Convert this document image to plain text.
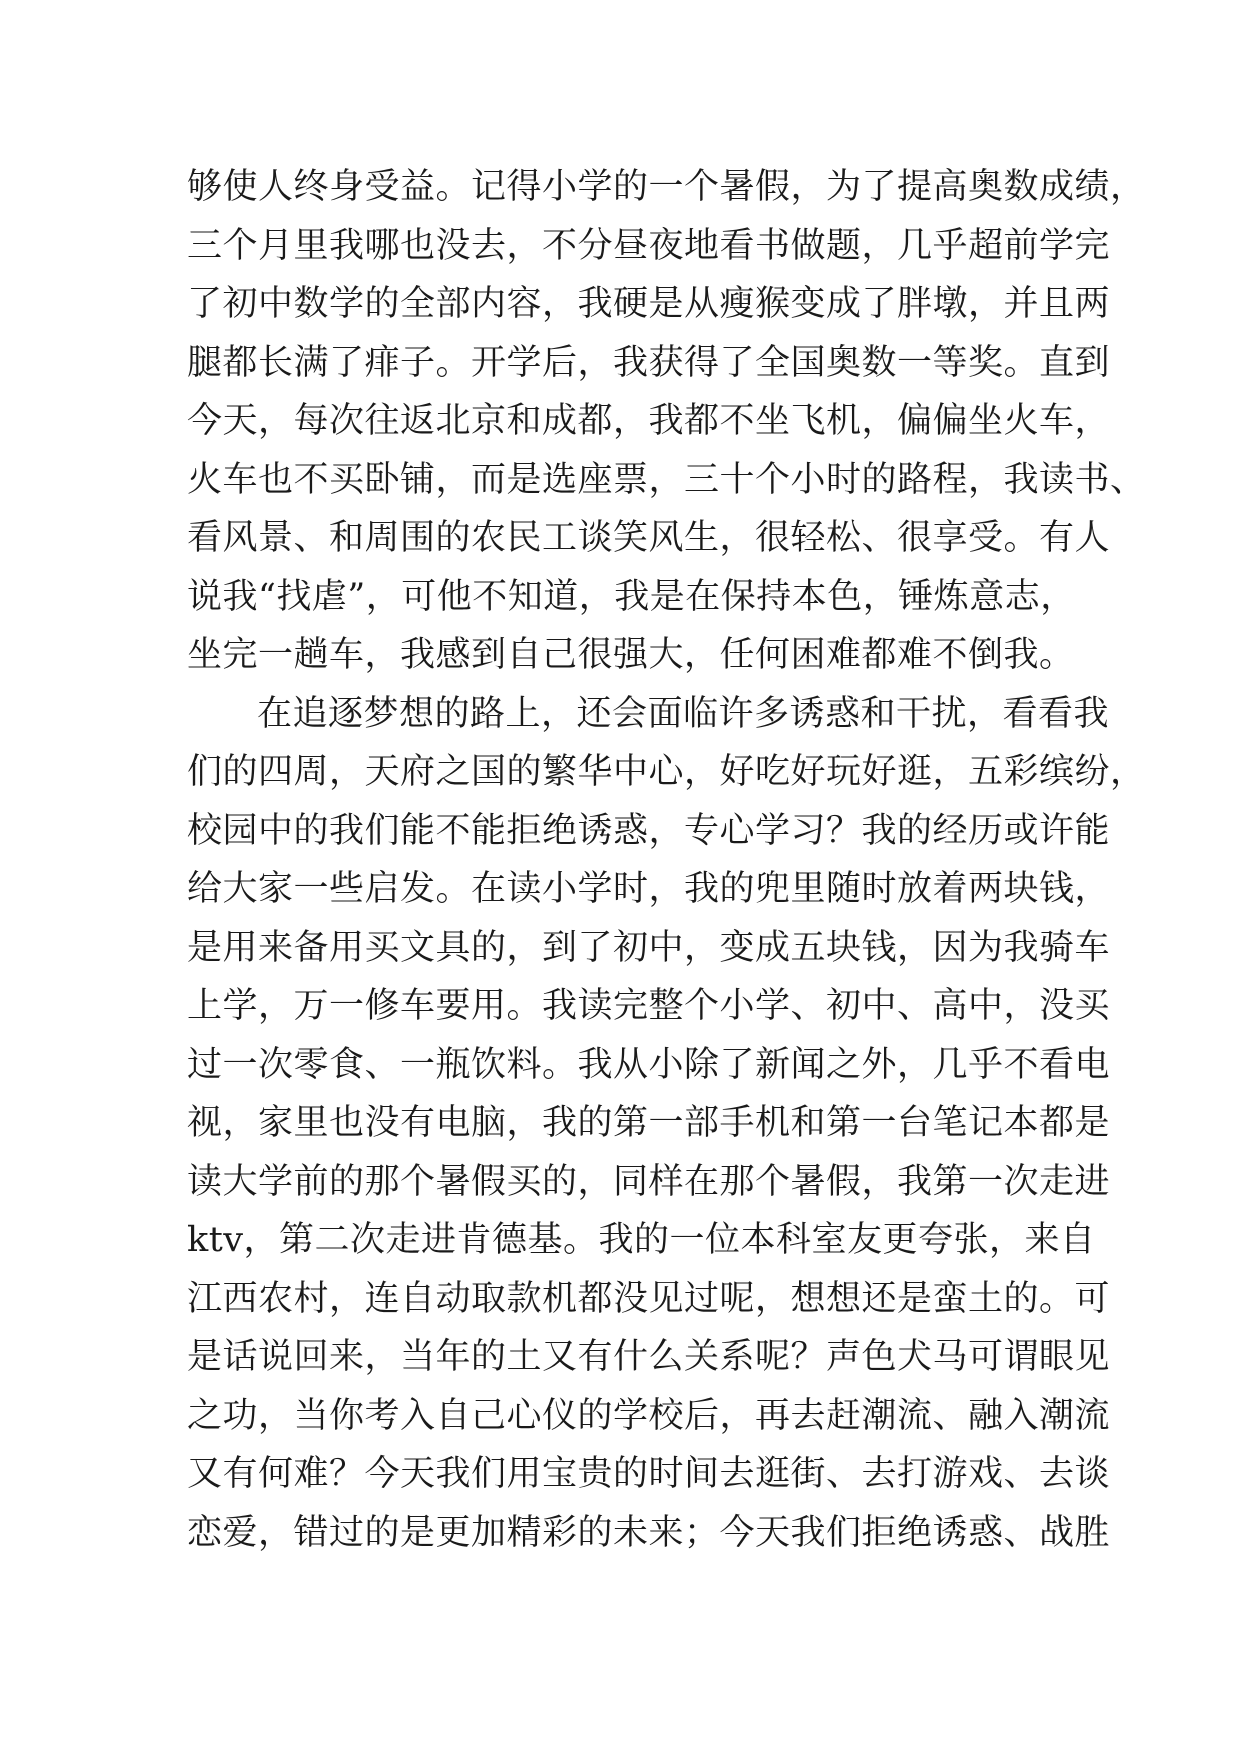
够使人终身受益。记得小学的一个暑假，为了提高奥数成绩，
三个月里我哪也没去，不分昼夜地看书做题，几乎超前学完
了初中数学的全部内容，我硬是从瘦猴变成了胖墩，并且两
腿都长满了痱子。开学后，我获得了全国奥数一等奖。直到
今天，每次往返北京和成都，我都不坐飞机，偏偏坐火车，
火车也不买卧铺，而是选座票，三十个小时的路程，我读书、
看风景、和周围的农民工谈笑风生，很轻松、很享受。有人
说我“找虐”，可他不知道，我是在保持本色，锤炼意志，
坐完一趟车，我感到自己很强大，任何困难都难不倒我。
在追逐梦想的路上，还会面临许多诱惑和干扰，看看我
们的四周，天府之国的繁华中心，好吃好玩好逛，五彩缤纷，
校园中的我们能不能拒绝诱惑，专心学习？我的经历或许能
给大家一些启发。在读小学时，我的兜里随时放着两块钱，
是用来备用买文具的，到了初中，变成五块钱，因为我骑车
上学，万一修车要用。我读完整个小学、初中、高中，没买
过一次零食、一瓶饮料。我从小除了新闻之外，几乎不看电
视，家里也没有电脑，我的第一部手机和第一台笔记本都是
读大学前的那个暑假买的，同样在那个暑假，我第一次走进
ktv，第二次走进肯德基。我的一位本科室友更夸张，来自
江西农村，连自动取款机都没见过呢，想想还是蛮土的。可
是话说回来，当年的土又有什么关系呢？声色犬马可谓眼见
之功，当你考入自己心仪的学校后，再去赶潮流、融入潮流
又有何难？今天我们用宝贵的时间去逛街、去打游戏、去谈
恋爱，错过的是更加精彩的未来；今天我们拒绝诱惑、战胜
